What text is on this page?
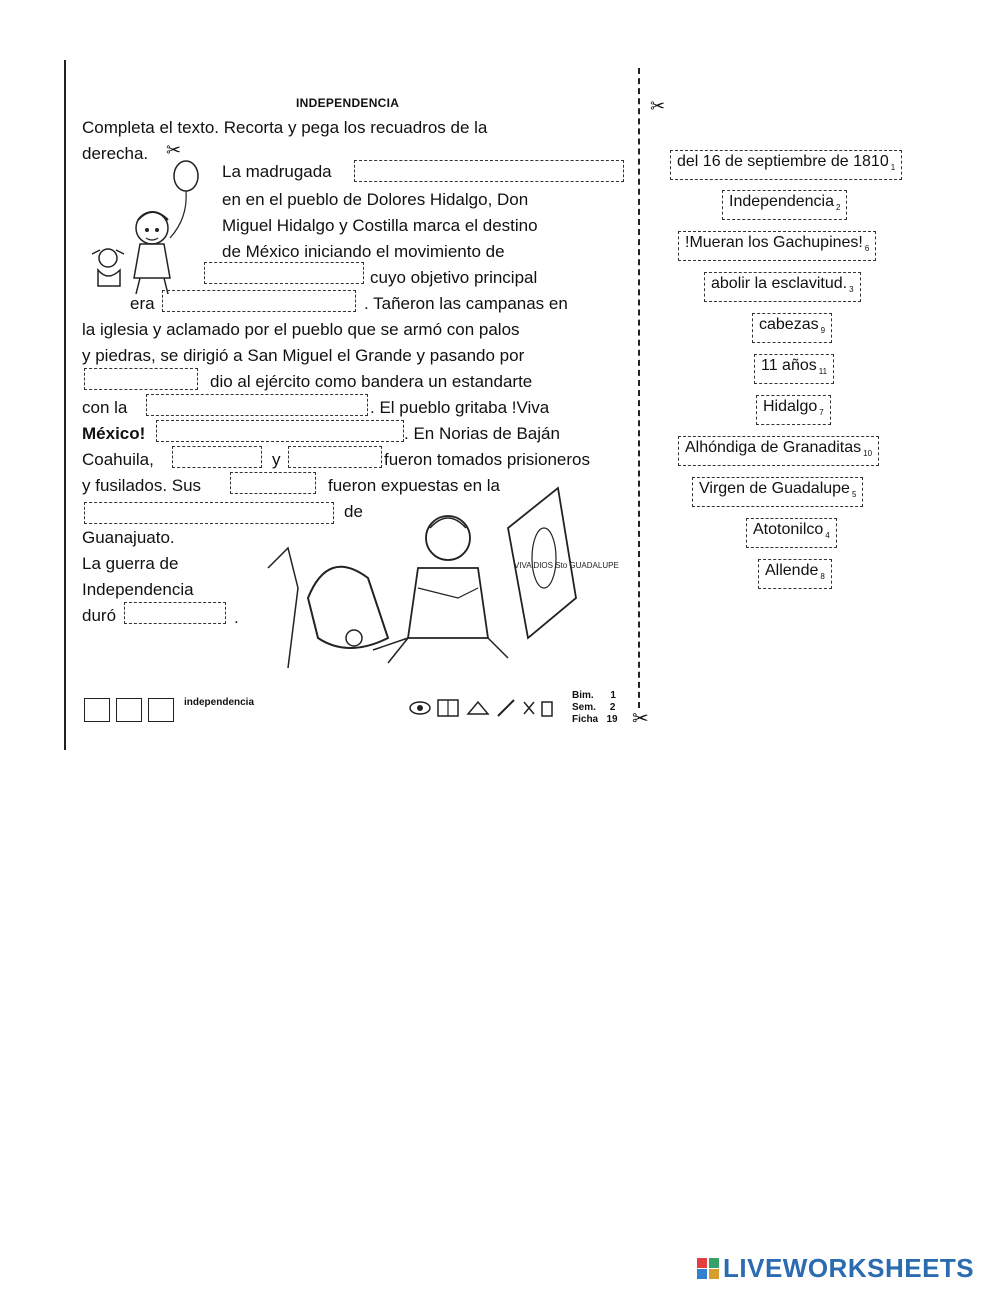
INDEPENDENCIA
Completa el texto. Recorta y pega los recuadros de la
derecha. ✂
La madrugada
en en el pueblo de Dolores Hidalgo, Don
Miguel Hidalgo y Costilla marca el destino
de México iniciando el movimiento de
cuyo objetivo principal
era	. Tañeron las campanas en
la iglesia y aclamado por el pueblo que se armó con palos
y piedras, se dirigió a San Miguel el Grande y pasando por
dio al ejército como bandera un estandarte
con la	. El pueblo gritaba !Viva
México!	. En Norias de Baján
Coahuila,	y	fueron tomados prisioneros
y fusilados. Sus	fueron expuestas en la
de
Guanajuato.
La guerra de
Independencia
duró	.
VIVA DIOS Sto GUADALUPE
✂
del 16 de septiembre de 1810 $_1$
Independencia $_2$
!Mueran los Gachupines! $_6$
abolir la esclavitud. $_3$
cabezas $_9$
11 años $_{11}$
Hidalgo $_7$
Alhóndiga de Granaditas $_{10}$
Virgen de Guadalupe $_5$
Atotonilco $_4$
Allende $_8$
independencia
Bim. 1
Sem. 2
Ficha 19 ✂
LIVEWORKSHEETS
